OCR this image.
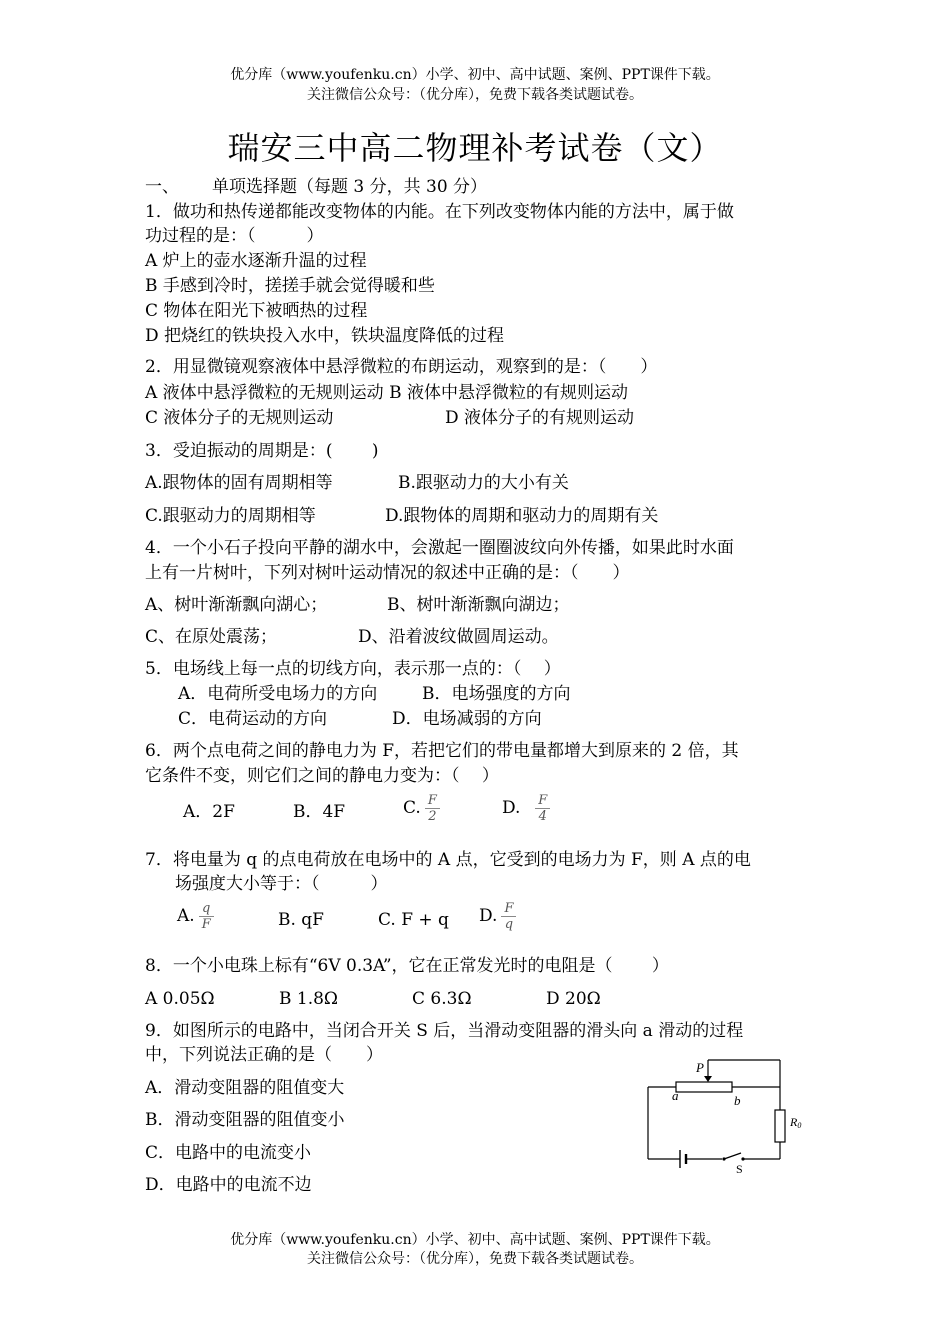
优分库（www.youfenku.cn）小学、初中、高中试题、案例、PPT课件下载。
关注微信公众号：（优分库），免费下载各类试题试卷。
瑞安三中高二物理补考试卷（文）
一、 单项选择题（每题 3 分，共 30 分）
1．做功和热传递都能改变物体的内能。在下列改变物体内能的方法中，属于做
功过程的是：（　　　）
A 炉上的壶水逐渐升温的过程
B 手感到冷时，搓搓手就会觉得暖和些
C 物体在阳光下被晒热的过程
D 把烧红的铁块投入水中，铁块温度降低的过程
2．用显微镜观察液体中悬浮微粒的布朗运动，观察到的是：（　　）
A 液体中悬浮微粒的无规则运动 B 液体中悬浮微粒的有规则运动
C 液体分子的无规则运动	D 液体分子的有规则运动
3．受迫振动的周期是：(　　 )
A.跟物体的固有周期相等	B.跟驱动力的大小有关
C.跟驱动力的周期相等	D.跟物体的周期和驱动力的周期有关
4．一个小石子投向平静的湖水中，会激起一圈圈波纹向外传播，如果此时水面
上有一片树叶，下列对树叶运动情况的叙述中正确的是：（　　）
A、树叶渐渐飘向湖心；	B、树叶渐渐飘向湖边；
C、在原处震荡；	D、沿着波纹做圆周运动。
5．电场线上每一点的切线方向，表示那一点的：（　 ）
A．电荷所受电场力的方向	B．电场强度的方向
C．电荷运动的方向	D．电场减弱的方向
6．两个点电荷之间的静电力为 F，若把它们的带电量都增大到原来的 2 倍，其
它条件不变，则它们之间的静电力变为：（　 ）
A．2F	B．4F	C. $\frac{F}{2}$	D. $\frac{F}{4}$
7．将电量为 q 的点电荷放在电场中的 A 点，它受到的电场力为 F，则 A 点的电
场强度大小等于：（　　　）
A. $\frac{q}{F}$	B. qF	C. F + q D. $\frac{F}{q}$
8．一个小电珠上标有“6V 0.3A”，它在正常发光时的电阻是（　　 ）
A 0.05Ω	B 1.8Ω	C 6.3Ω	D 20Ω
9．如图所示的电路中，当闭合开关 S 后，当滑动变阻器的滑头向 a 滑动的过程
中，下列说法正确的是（　　）
A．滑动变阻器的阻值变大
B．滑动变阻器的阻值变小
C．电路中的电流变小
D．电路中的电流不边
P
a	b
R0
S
优分库（www.youfenku.cn）小学、初中、高中试题、案例、PPT课件下载。
关注微信公众号：（优分库），免费下载各类试题试卷。
